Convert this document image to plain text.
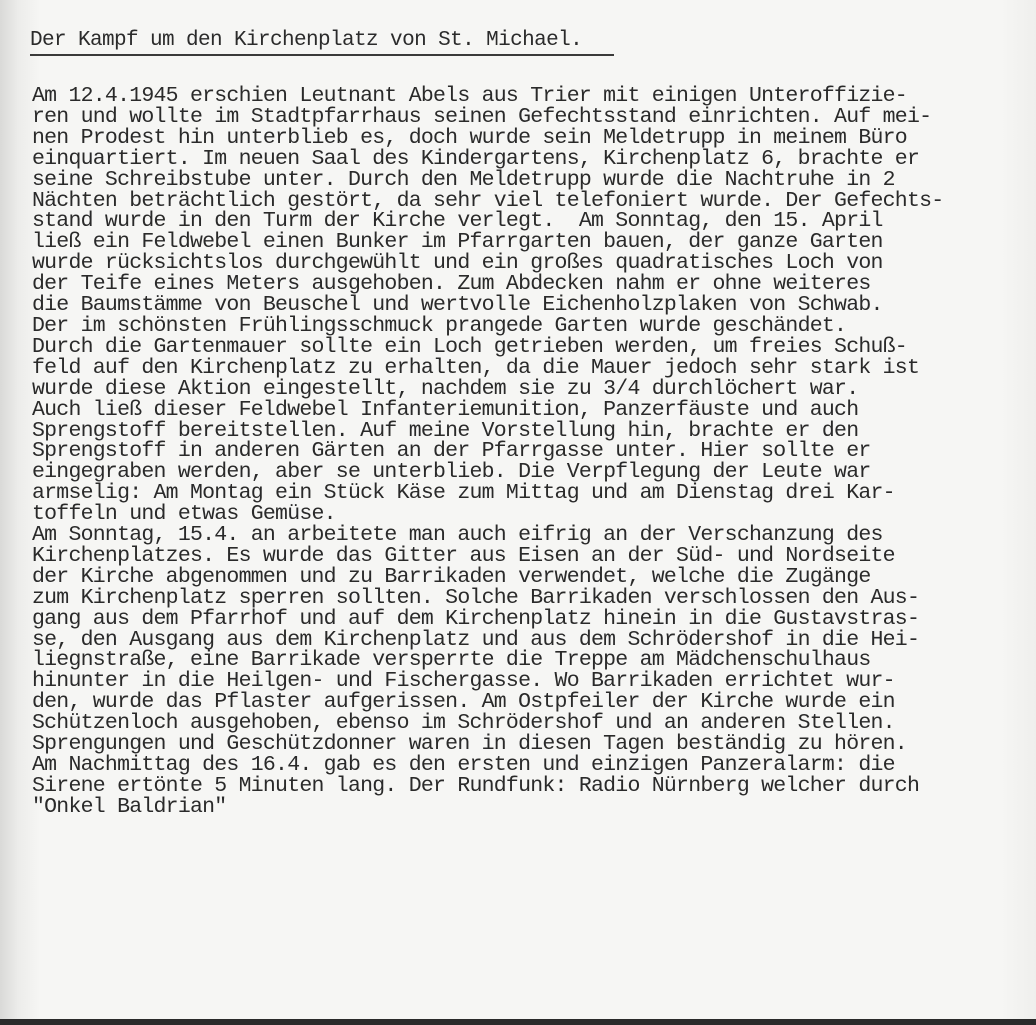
Der Kampf um den Kirchenplatz von St. Michael.
Am 12.4.1945 erschien Leutnant Abels aus Trier mit einigen Unteroffizie-
ren und wollte im Stadtpfarrhaus seinen Gefechtsstand einrichten. Auf mei-
nen Prodest hin unterblieb es, doch wurde sein Meldetrupp in meinem Büro
einquartiert. Im neuen Saal des Kindergartens, Kirchenplatz 6, brachte er
seine Schreibstube unter. Durch den Meldetrupp wurde die Nachtruhe in 2
Nächten beträchtlich gestört, da sehr viel telefoniert wurde. Der Gefechts-
stand wurde in den Turm der Kirche verlegt.  Am Sonntag, den 15. April
ließ ein Feldwebel einen Bunker im Pfarrgarten bauen, der ganze Garten
wurde rücksichtslos durchgewühlt und ein großes quadratisches Loch von
der Teife eines Meters ausgehoben. Zum Abdecken nahm er ohne weiteres
die Baumstämme von Beuschel und wertvolle Eichenholzplaken von Schwab.
Der im schönsten Frühlingsschmuck prangede Garten wurde geschändet.
Durch die Gartenmauer sollte ein Loch getrieben werden, um freies Schuß-
feld auf den Kirchenplatz zu erhalten, da die Mauer jedoch sehr stark ist
wurde diese Aktion eingestellt, nachdem sie zu 3/4 durchlöchert war.
Auch ließ dieser Feldwebel Infanteriemunition, Panzerfäuste und auch
Sprengstoff bereitstellen. Auf meine Vorstellung hin, brachte er den
Sprengstoff in anderen Gärten an der Pfarrgasse unter. Hier sollte er
eingegraben werden, aber se unterblieb. Die Verpflegung der Leute war
armselig: Am Montag ein Stück Käse zum Mittag und am Dienstag drei Kar-
toffeln und etwas Gemüse.
Am Sonntag, 15.4. an arbeitete man auch eifrig an der Verschanzung des
Kirchenplatzes. Es wurde das Gitter aus Eisen an der Süd- und Nordseite
der Kirche abgenommen und zu Barrikaden verwendet, welche die Zugänge
zum Kirchenplatz sperren sollten. Solche Barrikaden verschlossen den Aus-
gang aus dem Pfarrhof und auf dem Kirchenplatz hinein in die Gustavstras-
se, den Ausgang aus dem Kirchenplatz und aus dem Schrödershof in die Hei-
liegnstraße, eine Barrikade versperrte die Treppe am Mädchenschulhaus
hinunter in die Heilgen- und Fischergasse. Wo Barrikaden errichtet wur-
den, wurde das Pflaster aufgerissen. Am Ostpfeiler der Kirche wurde ein
Schützenloch ausgehoben, ebenso im Schrödershof und an anderen Stellen.
Sprengungen und Geschützdonner waren in diesen Tagen beständig zu hören.
Am Nachmittag des 16.4. gab es den ersten und einzigen Panzeralarm: die
Sirene ertönte 5 Minuten lang. Der Rundfunk: Radio Nürnberg welcher durch
"Onkel Baldrian"
